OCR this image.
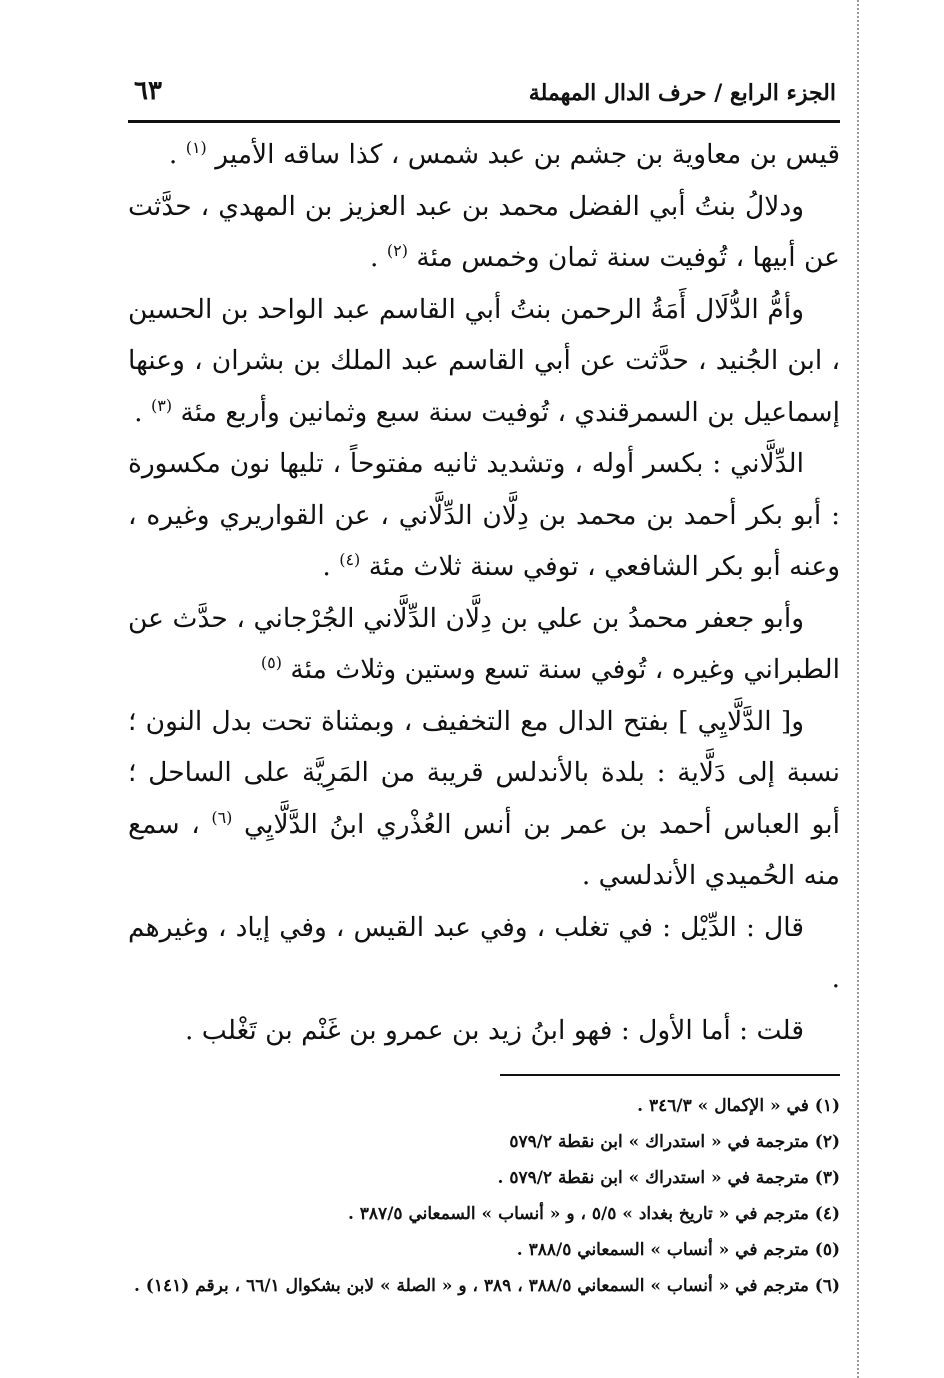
الجزء الرابع / حرف الدال المهملة
٦٣

قيس بن معاوية بن جشم بن عبد شمس ، كذا ساقه الأمير $^{(١)}$ .

ودلالُ بنتُ أبي الفضل محمد بن عبد العزيز بن المهدي ، حدَّثت عن أبيها ، تُوفيت سنة ثمان وخمس مئة $^{(٢)}$ .

وأمُّ الدُّلَال أَمَةُ الرحمن بنتُ أبي القاسم عبد الواحد بن الحسين ، ابن الجُنيد ، حدَّثت عن أبي القاسم عبد الملك بن بشران ، وعنها إسماعيل بن السمرقندي ، تُوفيت سنة سبع وثمانين وأربع مئة $^{(٣)}$ .

الدِّلَّاني : بكسر أوله ، وتشديد ثانيه مفتوحاً ، تليها نون مكسورة : أبو بكر أحمد بن محمد بن دِلَّان الدِّلَّاني ، عن القواريري وغيره ، وعنه أبو بكر الشافعي ، توفي سنة ثلاث مئة $^{(٤)}$ .

وأبو جعفر محمدُ بن علي بن دِلَّان الدِّلَّاني الجُرْجاني ، حدَّث عن الطبراني وغيره ، تُوفي سنة تسع وستين وثلاث مئة $^{(٥)}$

و[ الدَّلَّايِي ] بفتح الدال مع التخفيف ، وبمثناة تحت بدل النون ؛ نسبة إلى دَلَّاية : بلدة بالأندلس قريبة من المَرِيَّة على الساحل ؛ أبو العباس أحمد بن عمر بن أنس العُذْري ابنُ الدَّلَّايِي $^{(٦)}$ ، سمع منه الحُميدي الأندلسي .

قال : الدِّيْل : في تغلب ، وفي عبد القيس ، وفي إياد ، وغيرهم .

قلت : أما الأول : فهو ابنُ زيد بن عمرو بن غَنْم بن تَغْلب .

(١) في « الإكمال » ٣٤٦/٣ .

(٢) مترجمة في « استدراك » ابن نقطة ٥٧٩/٢

(٣) مترجمة في « استدراك » ابن نقطة ٥٧٩/٢ .

(٤) مترجم في « تاريخ بغداد » ٥/٥ ، و « أنساب » السمعاني ٣٨٧/٥ .

(٥) مترجم في « أنساب » السمعاني ٣٨٨/٥ .

(٦) مترجم في « أنساب » السمعاني ٣٨٨/٥ ، ٣٨٩ ، و « الصلة » لابن بشكوال ٦٦/١ ، برقم (١٤١) .
